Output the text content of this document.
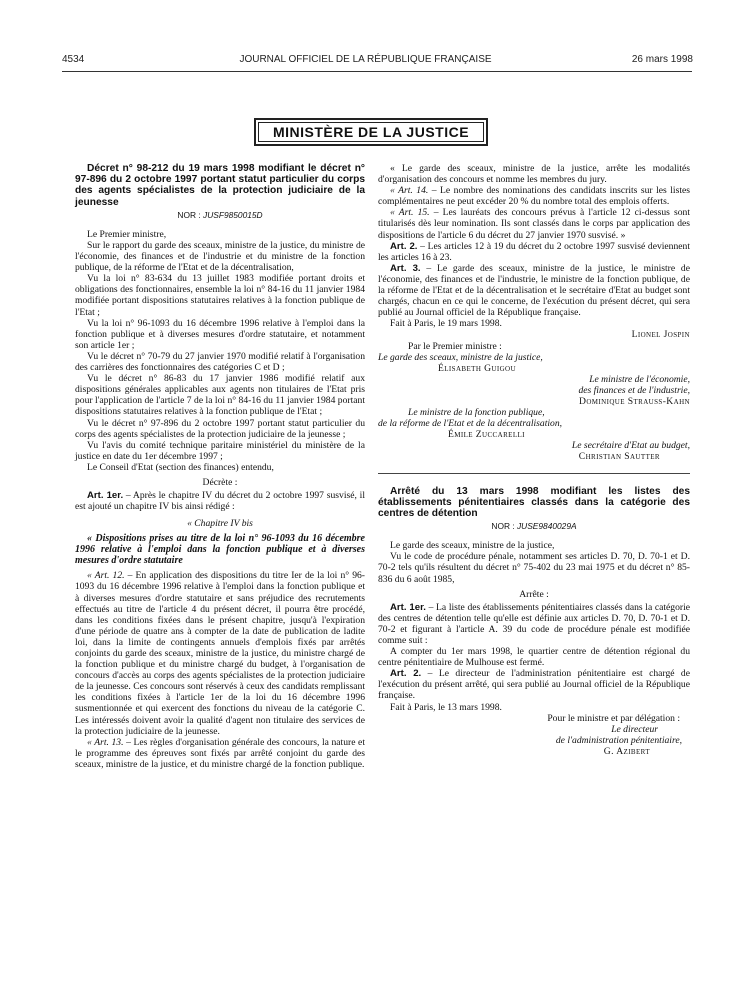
4534	JOURNAL OFFICIEL DE LA RÉPUBLIQUE FRANÇAISE	26 mars 1998
MINISTÈRE DE LA JUSTICE

Décret n° 98-212 du 19 mars 1998 modifiant le décret n° 97-896 du 2 octobre 1997 portant statut particulier du corps des agents spécialistes de la protection judiciaire de la jeunesse

NOR : JUSF9850015D

Le Premier ministre,

Sur le rapport du garde des sceaux, ministre de la justice, du ministre de l'économie, des finances et de l'industrie et du ministre de la fonction publique, de la réforme de l'Etat et de la décentralisation,

Vu la loi n° 83-634 du 13 juillet 1983 modifiée portant droits et obligations des fonctionnaires, ensemble la loi n° 84-16 du 11 janvier 1984 modifiée portant dispositions statutaires relatives à la fonction publique de l'Etat ;

Vu la loi n° 96-1093 du 16 décembre 1996 relative à l'emploi dans la fonction publique et à diverses mesures d'ordre statutaire, et notamment son article 1er ;

Vu le décret n° 70-79 du 27 janvier 1970 modifié relatif à l'organisation des carrières des fonctionnaires des catégories C et D ;

Vu le décret n° 86-83 du 17 janvier 1986 modifié relatif aux dispositions générales applicables aux agents non titulaires de l'Etat pris pour l'application de l'article 7 de la loi n° 84-16 du 11 janvier 1984 portant dispositions statutaires relatives à la fonction publique de l'Etat ;

Vu le décret n° 97-896 du 2 octobre 1997 portant statut particulier du corps des agents spécialistes de la protection judiciaire de la jeunesse ;

Vu l'avis du comité technique paritaire ministériel du ministère de la justice en date du 1er décembre 1997 ;

Le Conseil d'Etat (section des finances) entendu,

Décrète :

Art. 1er. – Après le chapitre IV du décret du 2 octobre 1997 susvisé, il est ajouté un chapitre IV bis ainsi rédigé :

« Chapitre IV bis

« Dispositions prises au titre de la loi n° 96-1093 du 16 décembre 1996 relative à l'emploi dans la fonction publique et à diverses mesures d'ordre statutaire

« Art. 12. – En application des dispositions du titre Ier de la loi n° 96-1093 du 16 décembre 1996 relative à l'emploi dans la fonction publique et à diverses mesures d'ordre statutaire et sans préjudice des recrutements effectués au titre de l'article 4 du présent décret, il pourra être procédé, dans les conditions fixées dans le présent chapitre, jusqu'à l'expiration d'une période de quatre ans à compter de la date de publication de ladite loi, dans la limite de contingents annuels d'emplois fixés par arrêtés conjoints du garde des sceaux, ministre de la justice, du ministre chargé de la fonction publique et du ministre chargé du budget, à l'organisation de concours d'accès au corps des agents spécialistes de la protection judiciaire de la jeunesse. Ces concours sont réservés à ceux des candidats remplissant les conditions fixées à l'article 1er de la loi du 16 décembre 1996 susmentionnée et qui exercent des fonctions du niveau de la catégorie C. Les intéressés doivent avoir la qualité d'agent non titulaire des services de la protection judiciaire de la jeunesse.

« Art. 13. – Les règles d'organisation générale des concours, la nature et le programme des épreuves sont fixés par arrêté conjoint du garde des sceaux, ministre de la justice, et du ministre chargé de la fonction publique.

« Le garde des sceaux, ministre de la justice, arrête les modalités d'organisation des concours et nomme les membres du jury.

« Art. 14. – Le nombre des nominations des candidats inscrits sur les listes complémentaires ne peut excéder 20 % du nombre total des emplois offerts.

« Art. 15. – Les lauréats des concours prévus à l'article 12 ci-dessus sont titularisés dès leur nomination. Ils sont classés dans le corps par application des dispositions de l'article 6 du décret du 27 janvier 1970 susvisé. »

Art. 2. – Les articles 12 à 19 du décret du 2 octobre 1997 susvisé deviennent les articles 16 à 23.

Art. 3. – Le garde des sceaux, ministre de la justice, le ministre de l'économie, des finances et de l'industrie, le ministre de la fonction publique, de la réforme de l'Etat et de la décentralisation et le secrétaire d'Etat au budget sont chargés, chacun en ce qui le concerne, de l'exécution du présent décret, qui sera publié au Journal officiel de la République française.

Fait à Paris, le 19 mars 1998.

Lionel Jospin

Par le Premier ministre :

Le garde des sceaux, ministre de la justice,

Élisabeth Guigou

Le ministre de l'économie,

des finances et de l'industrie,

Dominique Strauss-Kahn

Le ministre de la fonction publique,

de la réforme de l'Etat et de la décentralisation,

Émile Zuccarelli

Le secrétaire d'Etat au budget,

Christian Sautter

Arrêté du 13 mars 1998 modifiant les listes des établissements pénitentiaires classés dans la catégorie des centres de détention

NOR : JUSE9840029A

Le garde des sceaux, ministre de la justice,

Vu le code de procédure pénale, notamment ses articles D. 70, D. 70-1 et D. 70-2 tels qu'ils résultent du décret n° 75-402 du 23 mai 1975 et du décret n° 85-836 du 6 août 1985,

Arrête :

Art. 1er. – La liste des établissements pénitentiaires classés dans la catégorie des centres de détention telle qu'elle est définie aux articles D. 70, D. 70-1 et D. 70-2 et figurant à l'article A. 39 du code de procédure pénale est modifiée comme suit :

A compter du 1er mars 1998, le quartier centre de détention régional du centre pénitentiaire de Mulhouse est fermé.

Art. 2. – Le directeur de l'administration pénitentiaire est chargé de l'exécution du présent arrêté, qui sera publié au Journal officiel de la République française.

Fait à Paris, le 13 mars 1998.

Pour le ministre et par délégation :

Le directeur

de l'administration pénitentiaire,

G. Azibert
